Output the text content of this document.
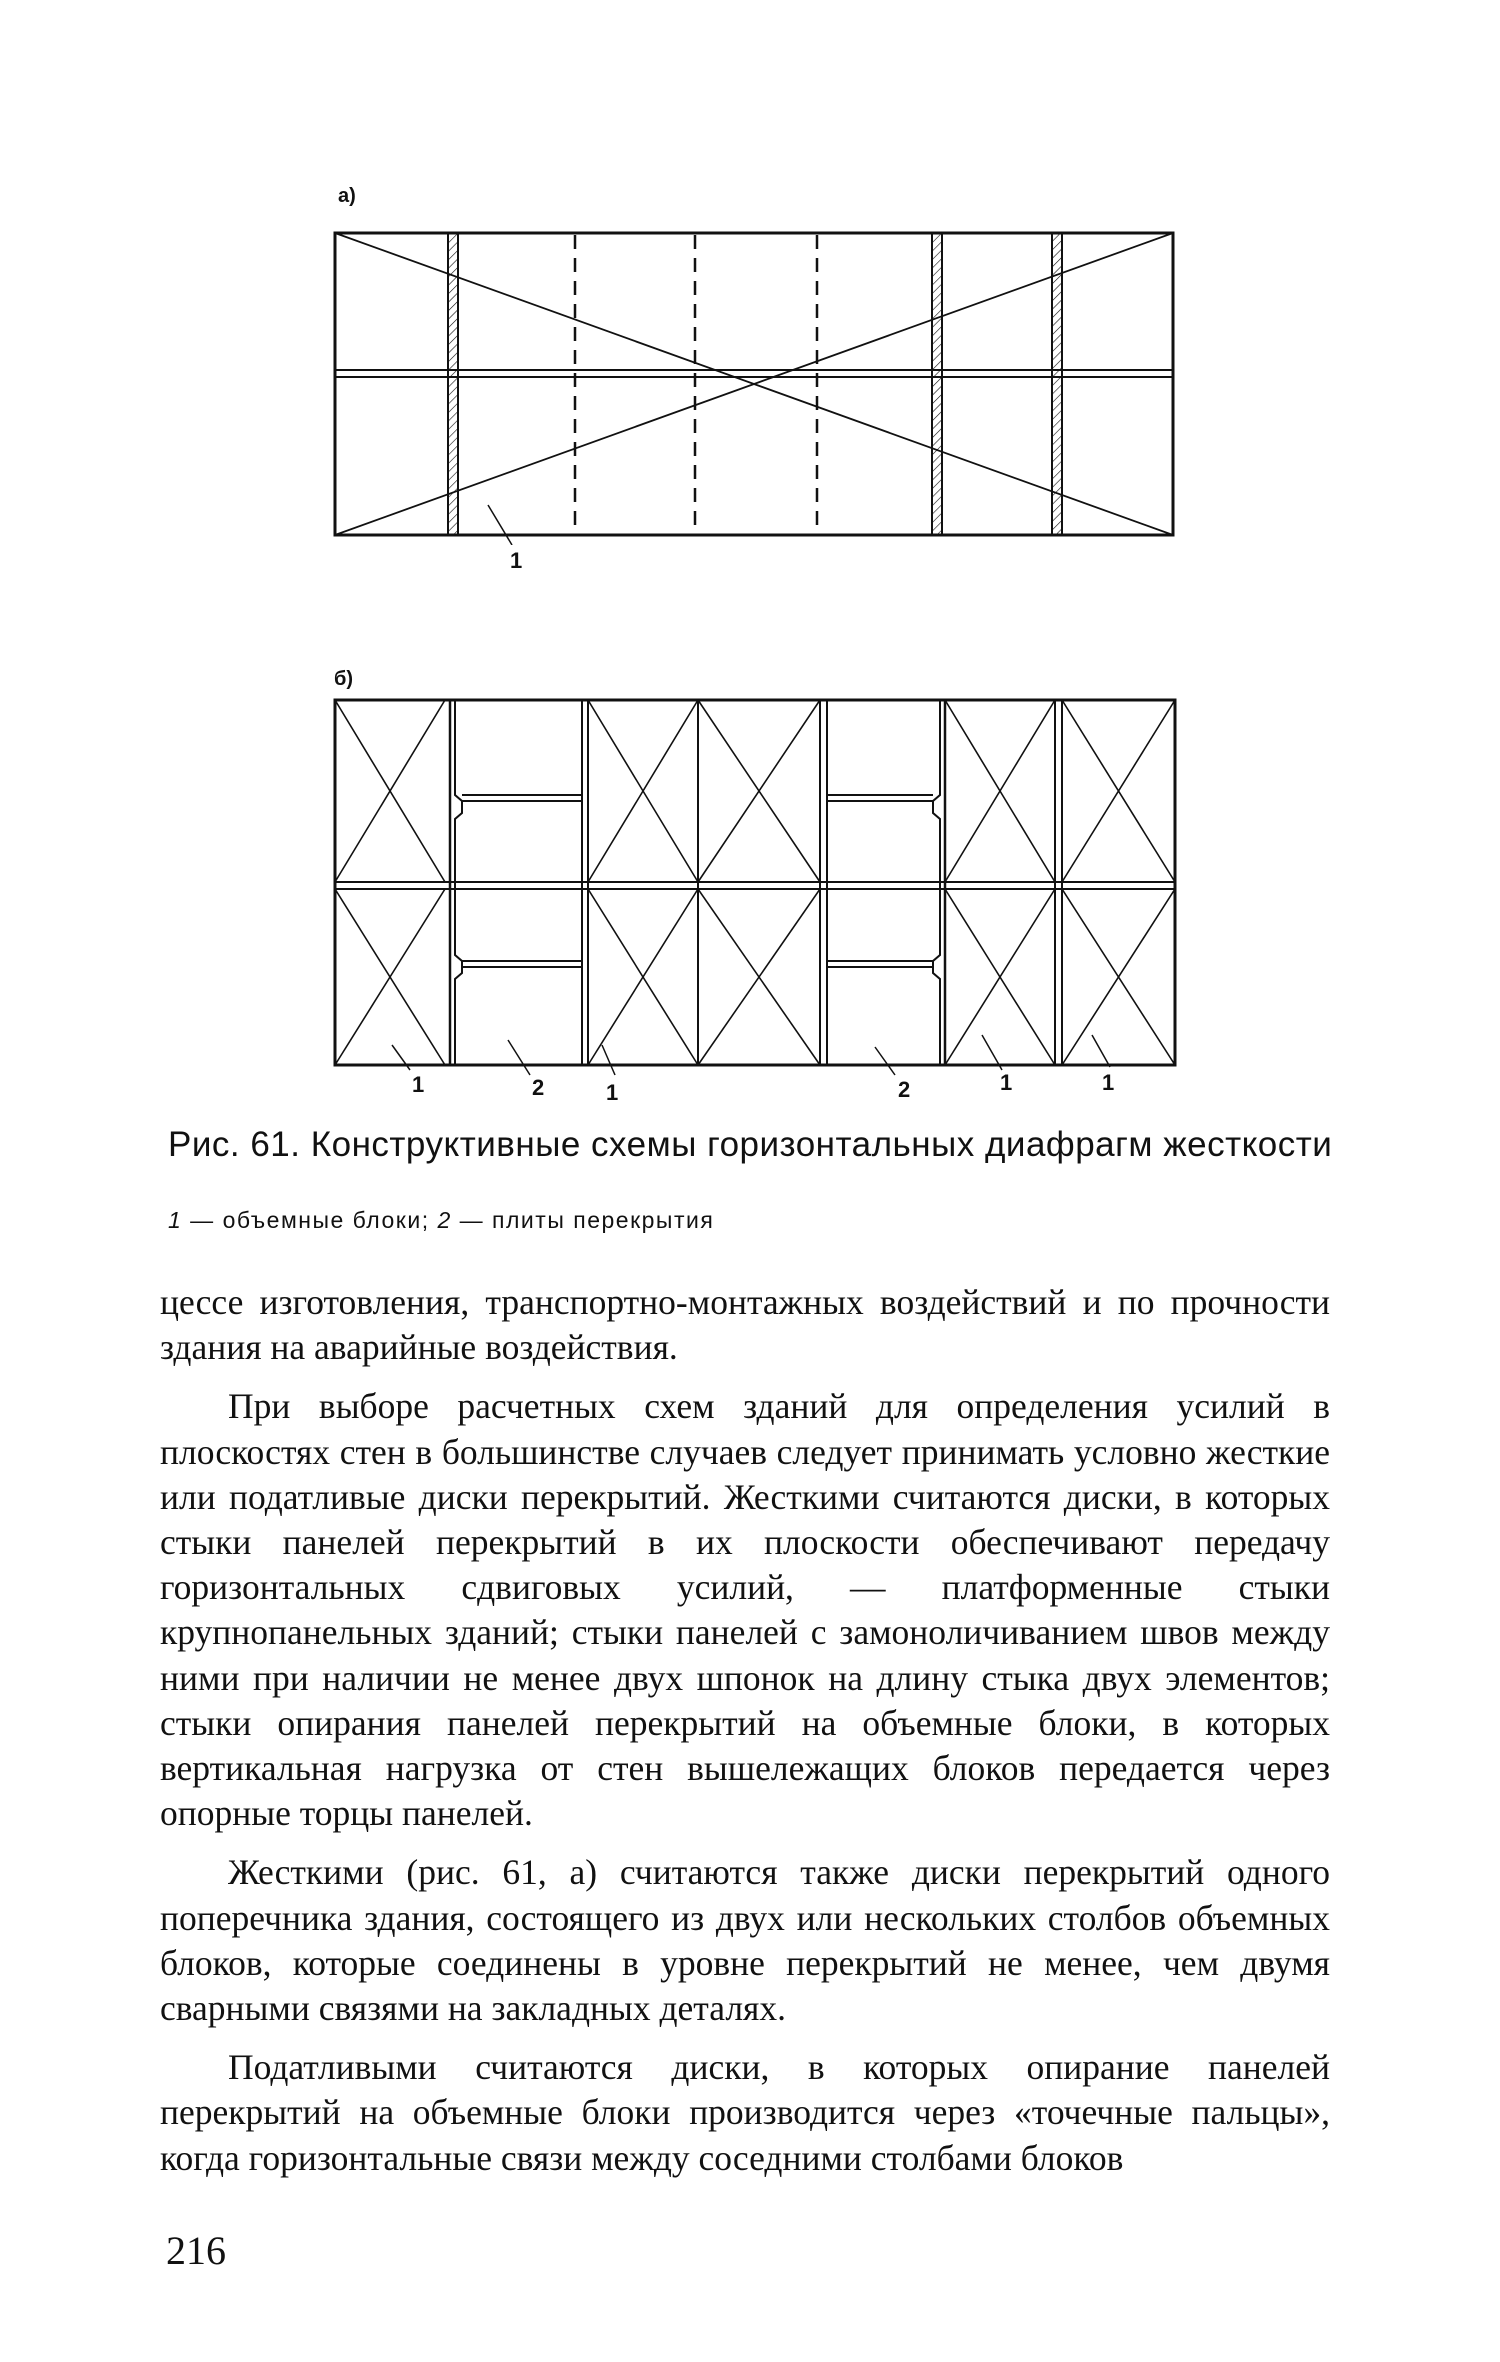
а)
1
б)
1	2	1	2	1	1
Рис. 61. Конструктивные схемы горизонтальных диафрагм жесткости
1 — объемные блоки; 2 — плиты перекрытия

цессе изготовления, транспортно-монтажных воздействий и по прочности здания на аварийные воздействия.

При выборе расчетных схем зданий для определения усилий в плоскостях стен в большинстве случаев следует принимать условно жесткие или податливые диски перекрытий. Жесткими считаются диски, в которых стыки панелей перекрытий в их плоскости обеспечивают передачу горизонтальных сдвиговых усилий, — платформенные стыки крупнопанельных зданий; стыки панелей с замоноличиванием швов между ними при наличии не менее двух шпонок на длину стыка двух элементов; стыки опирания панелей перекрытий на объемные блоки, в которых вертикальная нагрузка от стен вышележащих блоков передается через опорные торцы панелей.

Жесткими (рис. 61, а) считаются также диски перекрытий одного поперечника здания, состоящего из двух или нескольких столбов объемных блоков, которые соединены в уровне перекрытий не менее, чем двумя сварными связями на закладных деталях.

Податливыми считаются диски, в которых опирание панелей перекрытий на объемные блоки производится через «точечные пальцы», когда горизонтальные связи между соседними столбами блоков

216
